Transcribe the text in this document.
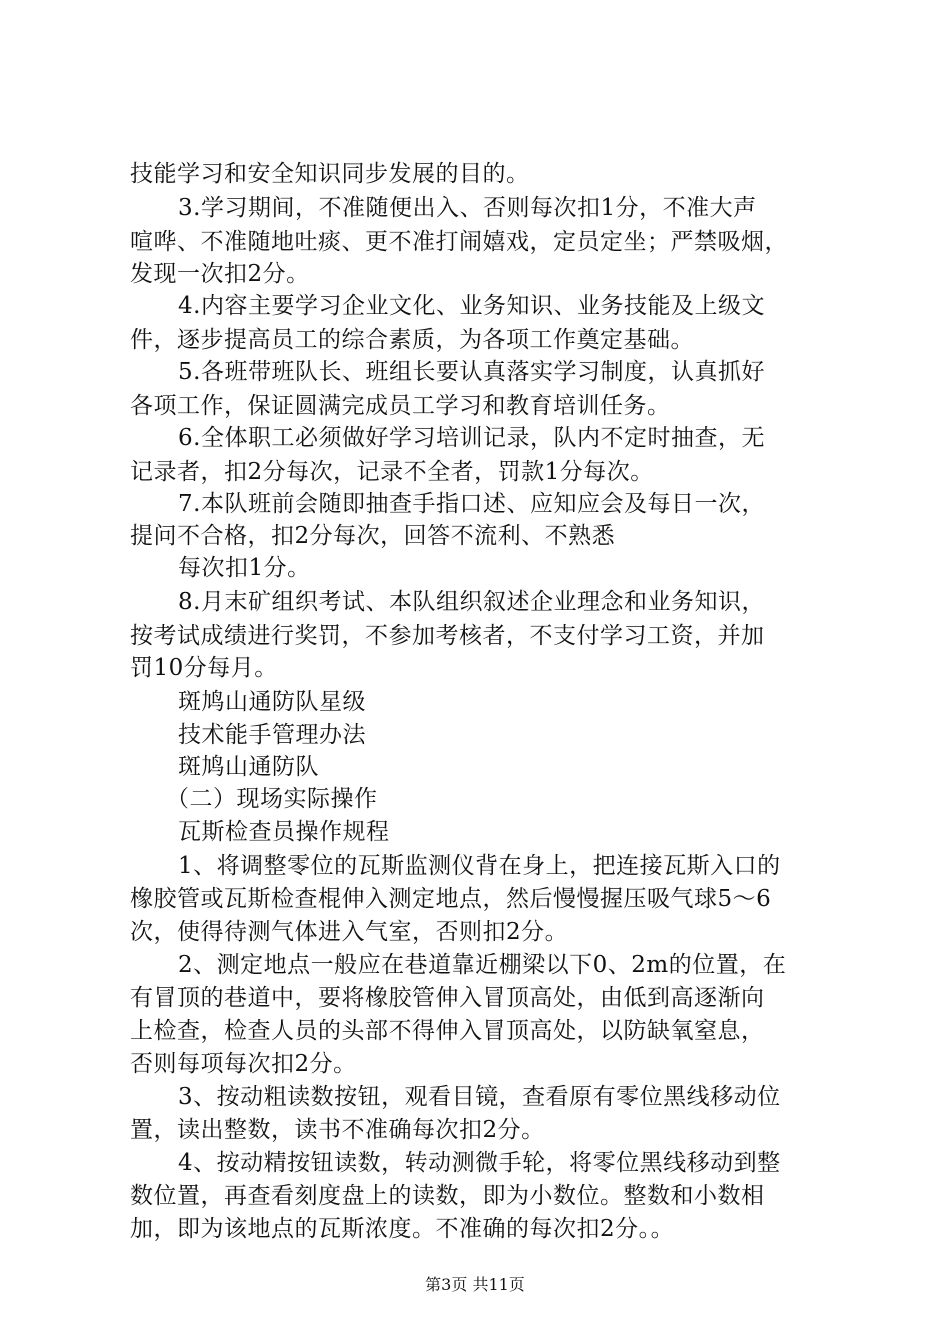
技能学习和安全知识同步发展的目的。
3.学习期间，不准随便出入、否则每次扣1分，不准大声
喧哗、不准随地吐痰、更不准打闹嬉戏，定员定坐；严禁吸烟，
发现一次扣2分。
4.内容主要学习企业文化、业务知识、业务技能及上级文
件，逐步提高员工的综合素质，为各项工作奠定基础。
5.各班带班队长、班组长要认真落实学习制度，认真抓好
各项工作，保证圆满完成员工学习和教育培训任务。
6.全体职工必须做好学习培训记录，队内不定时抽查，无
记录者，扣2分每次，记录不全者，罚款1分每次。
7.本队班前会随即抽查手指口述、应知应会及每日一次，
提问不合格，扣2分每次，回答不流利、不熟悉
每次扣1分。
8.月末矿组织考试、本队组织叙述企业理念和业务知识，
按考试成绩进行奖罚，不参加考核者，不支付学习工资，并加
罚10分每月。
斑鸠山通防队星级
技术能手管理办法
斑鸠山通防队
（二）现场实际操作
瓦斯检查员操作规程
1、将调整零位的瓦斯监测仪背在身上，把连接瓦斯入口的
橡胶管或瓦斯检查棍伸入测定地点，然后慢慢握压吸气球5～6
次，使得待测气体进入气室，否则扣2分。
2、测定地点一般应在巷道靠近棚梁以下0、2m的位置，在
有冒顶的巷道中，要将橡胶管伸入冒顶高处，由低到高逐渐向
上检查，检查人员的头部不得伸入冒顶高处，以防缺氧窒息，
否则每项每次扣2分。
3、按动粗读数按钮，观看目镜，查看原有零位黑线移动位
置，读出整数，读书不准确每次扣2分。
4、按动精按钮读数，转动测微手轮，将零位黑线移动到整
数位置，再查看刻度盘上的读数，即为小数位。整数和小数相
加，即为该地点的瓦斯浓度。不准确的每次扣2分。。
第3页 共11页
